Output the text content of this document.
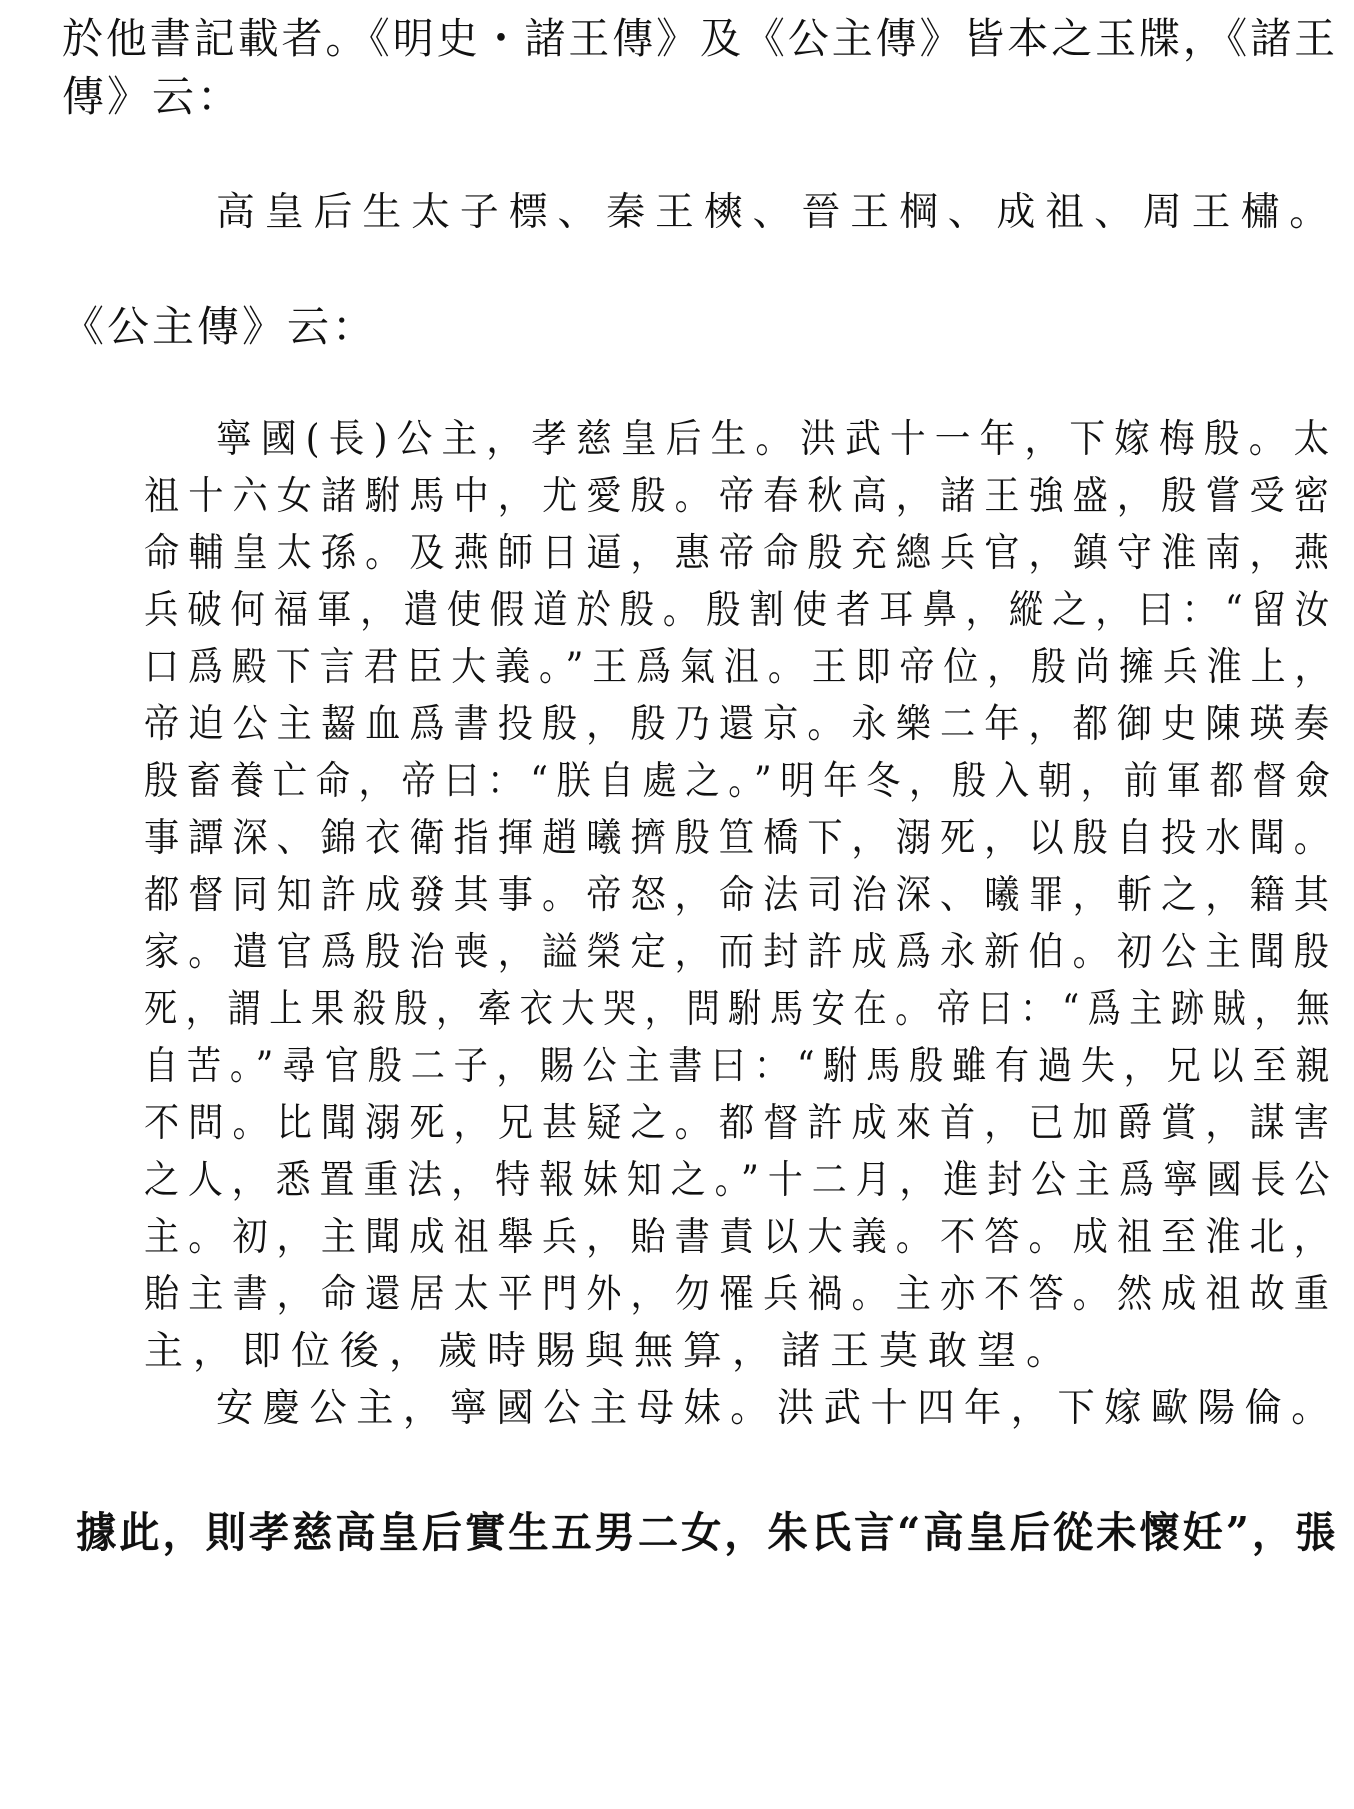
於他書記載者。《明史・諸王傳》及《公主傳》皆本之玉牒，《諸王
傳》云：
高皇后生太子標、秦王樉、晉王棡、成祖、周王橚。
《公主傳》云：
寧國(長)公主，孝慈皇后生。洪武十一年，下嫁梅殷。太
祖十六女諸駙馬中，尤愛殷。帝春秋高，諸王強盛，殷嘗受密
命輔皇太孫。及燕師日逼，惠帝命殷充總兵官，鎮守淮南，燕
兵破何福軍，遣使假道於殷。殷割使者耳鼻，縱之，曰：“留汝
口爲殿下言君臣大義。”王爲氣沮。王即帝位，殷尚擁兵淮上，
帝迫公主齧血爲書投殷，殷乃還京。永樂二年，都御史陳瑛奏
殷畜養亡命，帝曰：“朕自處之。”明年冬，殷入朝，前軍都督僉
事譚深、錦衣衛指揮趙曦擠殷笪橋下，溺死，以殷自投水聞。
都督同知許成發其事。帝怒，命法司治深、曦罪，斬之，籍其
家。遣官爲殷治喪，謚榮定，而封許成爲永新伯。初公主聞殷
死，謂上果殺殷，牽衣大哭，問駙馬安在。帝曰：“爲主跡賊，無
自苦。”尋官殷二子，賜公主書曰：“駙馬殷雖有過失，兄以至親
不問。比聞溺死，兄甚疑之。都督許成來首，已加爵賞，謀害
之人，悉置重法，特報妹知之。”十二月，進封公主爲寧國長公
主。初，主聞成祖舉兵，貽書責以大義。不答。成祖至淮北，
貽主書，命還居太平門外，勿罹兵禍。主亦不答。然成祖故重
主，即位後，歲時賜與無算，諸王莫敢望。
安慶公主，寧國公主母妹。洪武十四年，下嫁歐陽倫。
據此，則孝慈高皇后實生五男二女，朱氏言“高皇后從未懷妊”，張
